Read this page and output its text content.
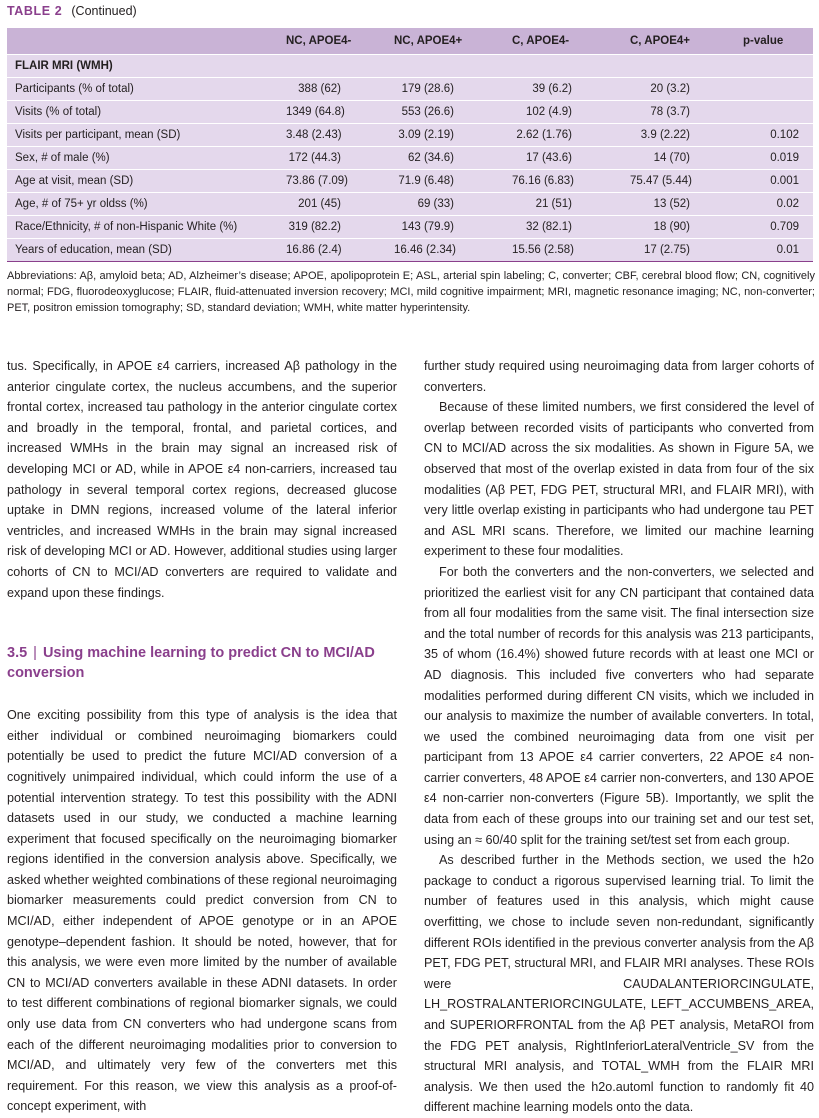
TABLE 2 (Continued)
	NC, APOE4-	NC, APOE4+	C, APOE4-	C, APOE4+	p-value
FLAIR MRI (WMH)					
Participants (% of total)	388 (62)	179 (28.6)	39 (6.2)	20 (3.2)	
Visits (% of total)	1349 (64.8)	553 (26.6)	102 (4.9)	78 (3.7)	
Visits per participant, mean (SD)	3.48 (2.43)	3.09 (2.19)	2.62 (1.76)	3.9 (2.22)	0.102
Sex, # of male (%)	172 (44.3)	62 (34.6)	17 (43.6)	14 (70)	0.019
Age at visit, mean (SD)	73.86 (7.09)	71.9 (6.48)	76.16 (6.83)	75.47 (5.44)	0.001
Age, # of 75+ yr oldss (%)	201 (45)	69 (33)	21 (51)	13 (52)	0.02
Race/Ethnicity, # of non-Hispanic White (%)	319 (82.2)	143 (79.9)	32 (82.1)	18 (90)	0.709
Years of education, mean (SD)	16.86 (2.4)	16.46 (2.34)	15.56 (2.58)	17 (2.75)	0.01
Abbreviations: Aβ, amyloid beta; AD, Alzheimer’s disease; APOE, apolipoprotein E; ASL, arterial spin labeling; C, converter; CBF, cerebral blood flow; CN, cognitively normal; FDG, fluorodeoxyglucose; FLAIR, fluid-attenuated inversion recovery; MCI, mild cognitive impairment; MRI, magnetic resonance imaging; NC, non-converter; PET, positron emission tomography; SD, standard deviation; WMH, white matter hyperintensity.

tus. Specifically, in APOE ε4 carriers, increased Aβ pathology in the anterior cingulate cortex, the nucleus accumbens, and the superior frontal cortex, increased tau pathology in the anterior cingulate cortex and broadly in the temporal, frontal, and parietal cortices, and increased WMHs in the brain may signal an increased risk of developing MCI or AD, while in APOE ε4 non-carriers, increased tau pathology in several temporal cortex regions, decreased glucose uptake in DMN regions, increased volume of the lateral inferior ventricles, and increased WMHs in the brain may signal increased risk of developing MCI or AD. However, additional studies using larger cohorts of CN to MCI/AD converters are required to validate and expand upon these findings.

3.5 | Using machine learning to predict CN to MCI/AD conversion

One exciting possibility from this type of analysis is the idea that either individual or combined neuroimaging biomarkers could potentially be used to predict the future MCI/AD conversion of a cognitively unimpaired individual, which could inform the use of a potential intervention strategy. To test this possibility with the ADNI datasets used in our study, we conducted a machine learning experiment that focused specifically on the neuroimaging biomarker regions identified in the conversion analysis above. Specifically, we asked whether weighted combinations of these regional neuroimaging biomarker measurements could predict conversion from CN to MCI/AD, either independent of APOE genotype or in an APOE genotype–dependent fashion. It should be noted, however, that for this analysis, we were even more limited by the number of available CN to MCI/AD converters available in these ADNI datasets. In order to test different combinations of regional biomarker signals, we could only use data from CN converters who had undergone scans from each of the different neuroimaging modalities prior to conversion to MCI/AD, and ultimately very few of the converters met this requirement. For this reason, we view this analysis as a proof-of-concept experiment, with

further study required using neuroimaging data from larger cohorts of converters.

Because of these limited numbers, we first considered the level of overlap between recorded visits of participants who converted from CN to MCI/AD across the six modalities. As shown in Figure 5A, we observed that most of the overlap existed in data from four of the six modalities (Aβ PET, FDG PET, structural MRI, and FLAIR MRI), with very little overlap existing in participants who had undergone tau PET and ASL MRI scans. Therefore, we limited our machine learning experiment to these four modalities.

For both the converters and the non-converters, we selected and prioritized the earliest visit for any CN participant that contained data from all four modalities from the same visit. The final intersection size and the total number of records for this analysis was 213 participants, 35 of whom (16.4%) showed future records with at least one MCI or AD diagnosis. This included five converters who had separate modalities performed during different CN visits, which we included in our analysis to maximize the number of available converters. In total, we used the combined neuroimaging data from one visit per participant from 13 APOE ε4 carrier converters, 22 APOE ε4 non-carrier converters, 48 APOE ε4 carrier non-converters, and 130 APOE ε4 non-carrier non-converters (Figure 5B). Importantly, we split the data from each of these groups into our training set and our test set, using an ≈ 60/40 split for the training set/test set from each group.

As described further in the Methods section, we used the h2o package to conduct a rigorous supervised learning trial. To limit the number of features used in this analysis, which might cause overfitting, we chose to include seven non-redundant, significantly different ROIs identified in the previous converter analysis from the Aβ PET, FDG PET, structural MRI, and FLAIR MRI analyses. These ROIs were CAUDALANTERIORCINGULATE, LH_ROSTRALANTERIORCINGULATE, LEFT_ACCUMBENS_AREA, and SUPERIORFRONTAL from the Aβ PET analysis, MetaROI from the FDG PET analysis, RightInferiorLateralVentricle_SV from the structural MRI analysis, and TOTAL_WMH from the FLAIR MRI analysis. We then used the h2o.automl function to randomly fit 40 different machine learning models onto the data.
